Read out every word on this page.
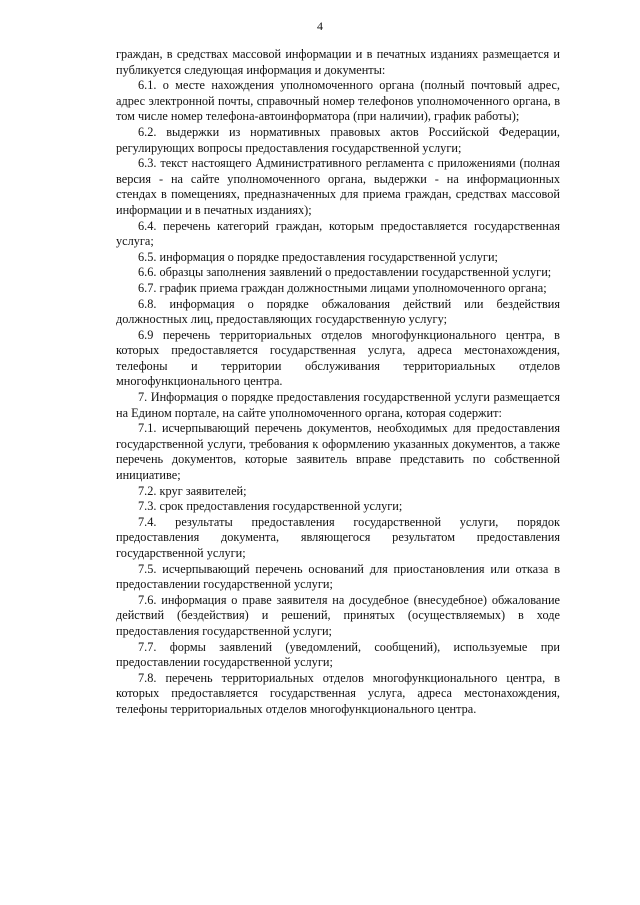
4

граждан, в средствах массовой информации и в печатных изданиях размещается и публикуется следующая информация и документы:

6.1. о месте нахождения уполномоченного органа (полный почтовый адрес, адрес электронной почты, справочный номер телефонов уполномоченного органа, в том числе номер телефона-автоинформатора (при наличии), график работы);

6.2. выдержки из нормативных правовых актов Российской Федерации, регулирующих вопросы предоставления государственной услуги;

6.3. текст настоящего Административного регламента с приложениями (полная версия - на сайте уполномоченного органа, выдержки - на информационных стендах в помещениях, предназначенных для приема граждан, средствах массовой информации и в печатных изданиях);

6.4. перечень категорий граждан, которым предоставляется государственная услуга;

6.5. информация о порядке предоставления государственной услуги;

6.6. образцы заполнения заявлений о предоставлении государственной услуги;

6.7. график приема граждан должностными лицами уполномоченного органа;

6.8. информация о порядке обжалования действий или бездействия должностных лиц, предоставляющих государственную услугу;

6.9 перечень территориальных отделов многофункционального центра, в которых предоставляется государственная услуга, адреса местонахождения, телефоны и территории обслуживания территориальных отделов многофункционального центра.

7. Информация о порядке предоставления государственной услуги размещается на Едином портале, на сайте уполномоченного органа, которая содержит:

7.1. исчерпывающий перечень документов, необходимых для предоставления государственной услуги, требования к оформлению указанных документов, а также перечень документов, которые заявитель вправе представить по собственной инициативе;

7.2. круг заявителей;

7.3. срок предоставления государственной услуги;

7.4. результаты предоставления государственной услуги, порядок предоставления документа, являющегося результатом предоставления государственной услуги;

7.5. исчерпывающий перечень оснований для приостановления или отказа в предоставлении государственной услуги;

7.6. информация о праве заявителя на досудебное (внесудебное) обжалование действий (бездействия) и решений, принятых (осуществляемых) в ходе предоставления государственной услуги;

7.7. формы заявлений (уведомлений, сообщений), используемые при предоставлении государственной услуги;

7.8. перечень территориальных отделов многофункционального центра, в которых предоставляется государственная услуга, адреса местонахождения, телефоны территориальных отделов многофункционального центра.
